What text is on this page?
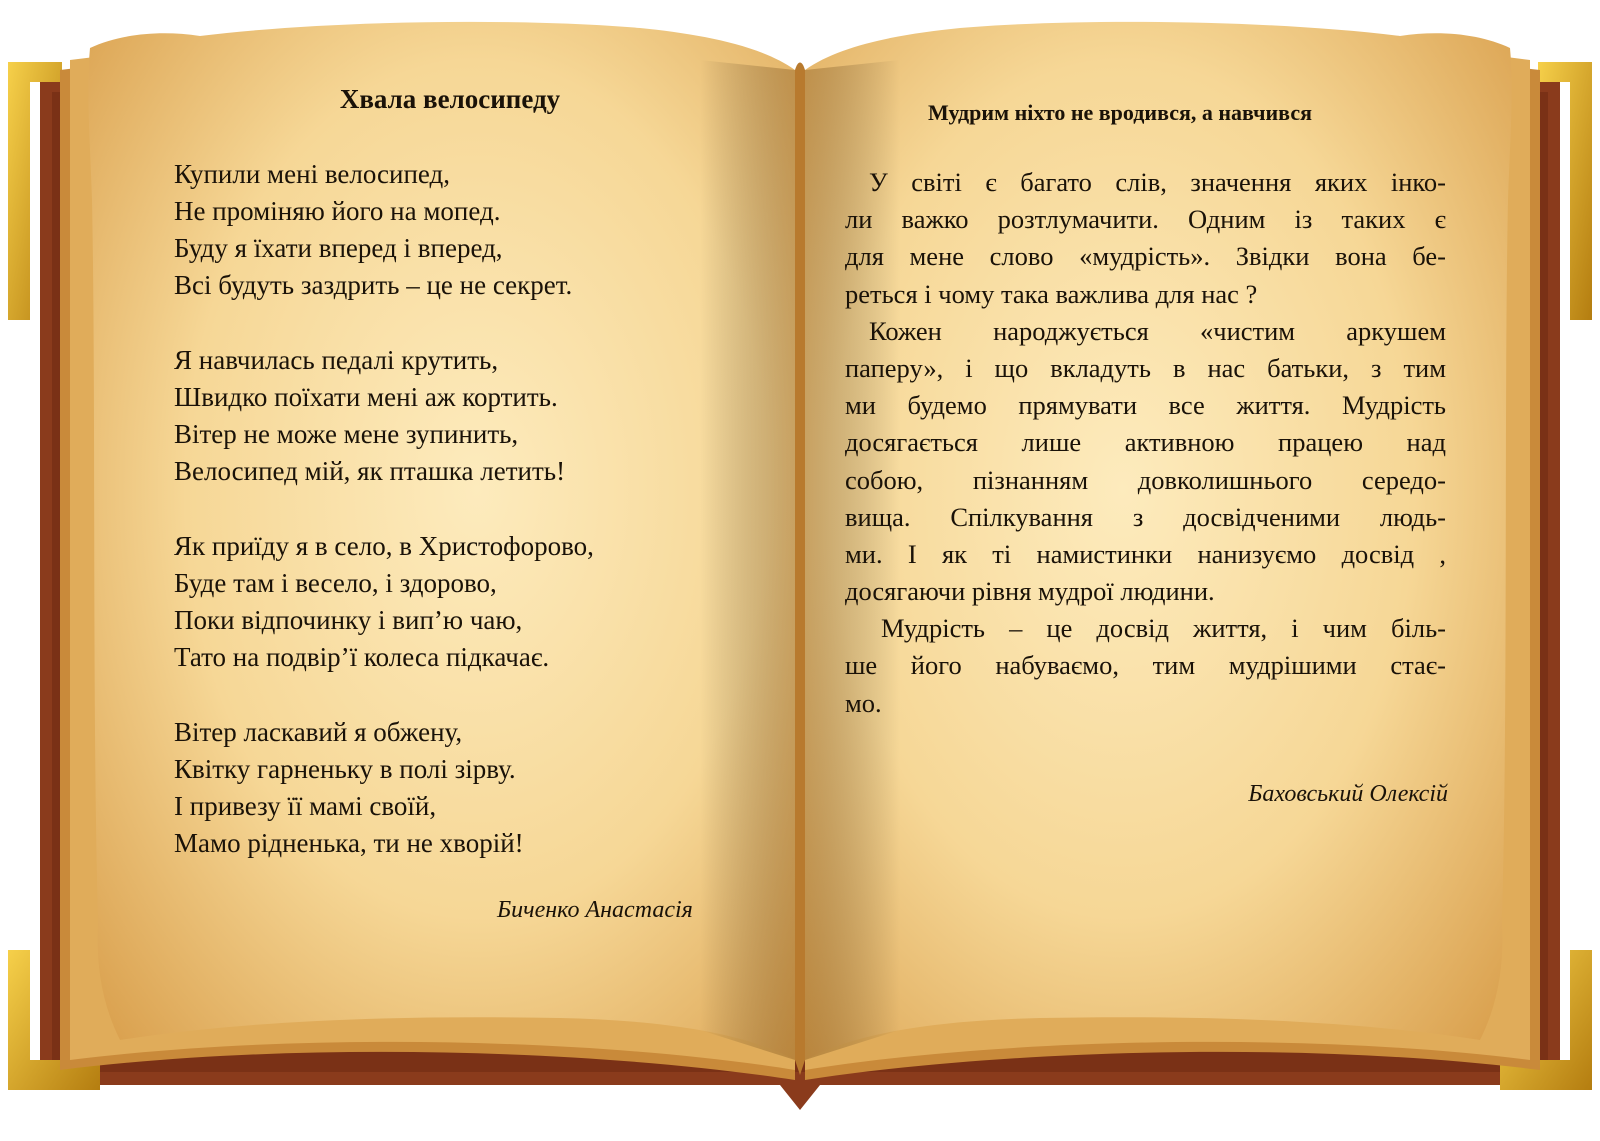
Хвала велосипеду
Купили мені велосипед,
Не проміняю його на мопед.
Буду я їхати вперед і вперед,
Всі будуть заздрить – це не секрет.
Я навчилась педалі крутить,
Швидко поїхати мені аж кортить.
Вітер не може мене зупинить,
Велосипед мій, як пташка летить!
Як приїду я в село, в Христофорово,
Буде там і весело, і здорово,
Поки відпочинку і вип’ю чаю,
Тато на подвір’ї колеса підкачає.
Вітер ласкавий я обжену,
Квітку гарненьку в полі зірву.
І привезу її мамі своїй,
Мамо рідненька, ти не хворій!
Биченко Анастасія
Мудрим ніхто не вродився, а навчився
У світі є багато слів, значення яких інко-
ли важко розтлумачити. Одним із таких є
для мене слово «мудрість». Звідки вона бе-
реться і чому така важлива для нас ?
Кожен народжується «чистим аркушем
паперу», і що вкладуть в нас батьки, з тим
ми будемо прямувати все життя. Мудрість
досягається лише активною працею над
собою, пізнанням довколишнього середо-
вища. Спілкування з досвідченими людь-
ми. І як ті намистинки нанизуємо досвід ,
досягаючи рівня мудрої людини.
Мудрість – це досвід життя, і чим біль-
ше його набуваємо, тим мудрішими стає-
мо.
Баховський Олексій
